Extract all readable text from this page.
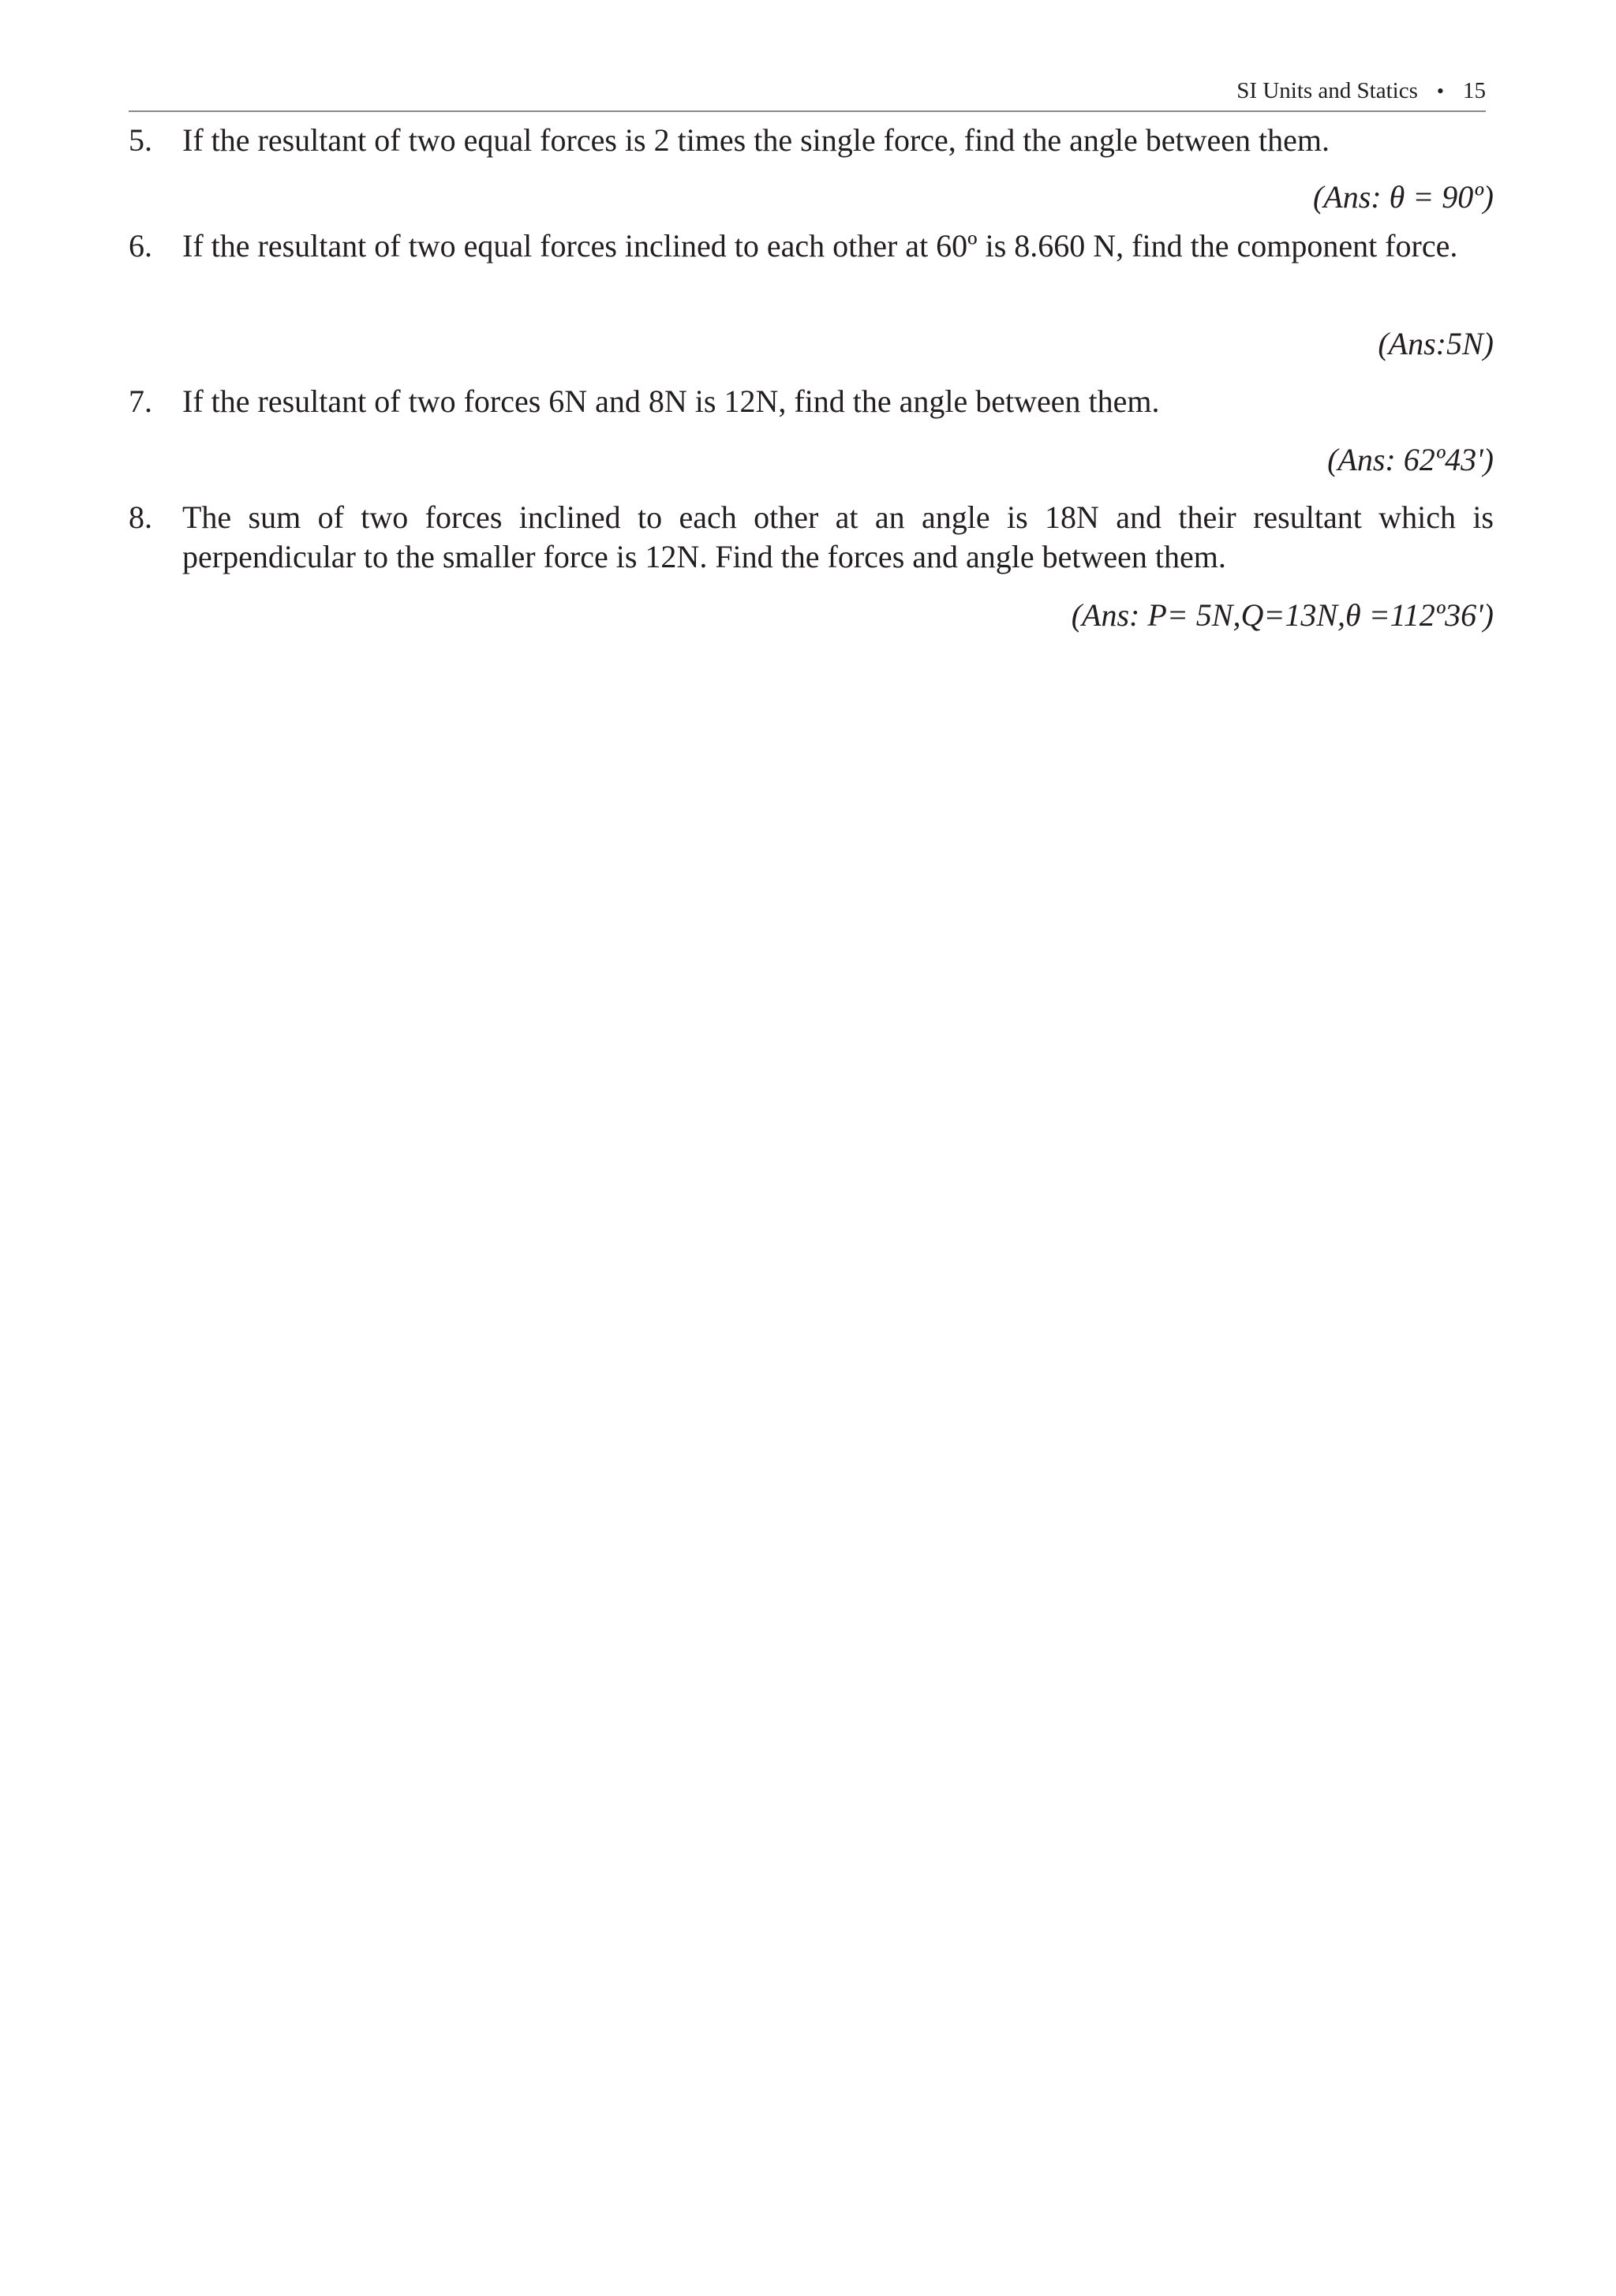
SI Units and Statics • 15
5. If the resultant of two equal forces is 2 times the single force, find the angle between them.
(Ans: θ = 90º)
6. If the resultant of two equal forces inclined to each other at 60º is 8.660 N, find the component force.
(Ans:5N)
7. If the resultant of two forces 6N and 8N is 12N, find the angle between them.
(Ans: 62º43')
8. The sum of two forces inclined to each other at an angle is 18N and their resultant which is perpendicular to the smaller force is 12N. Find the forces and angle between them.
(Ans: P= 5N,Q=13N,θ =112º36')
